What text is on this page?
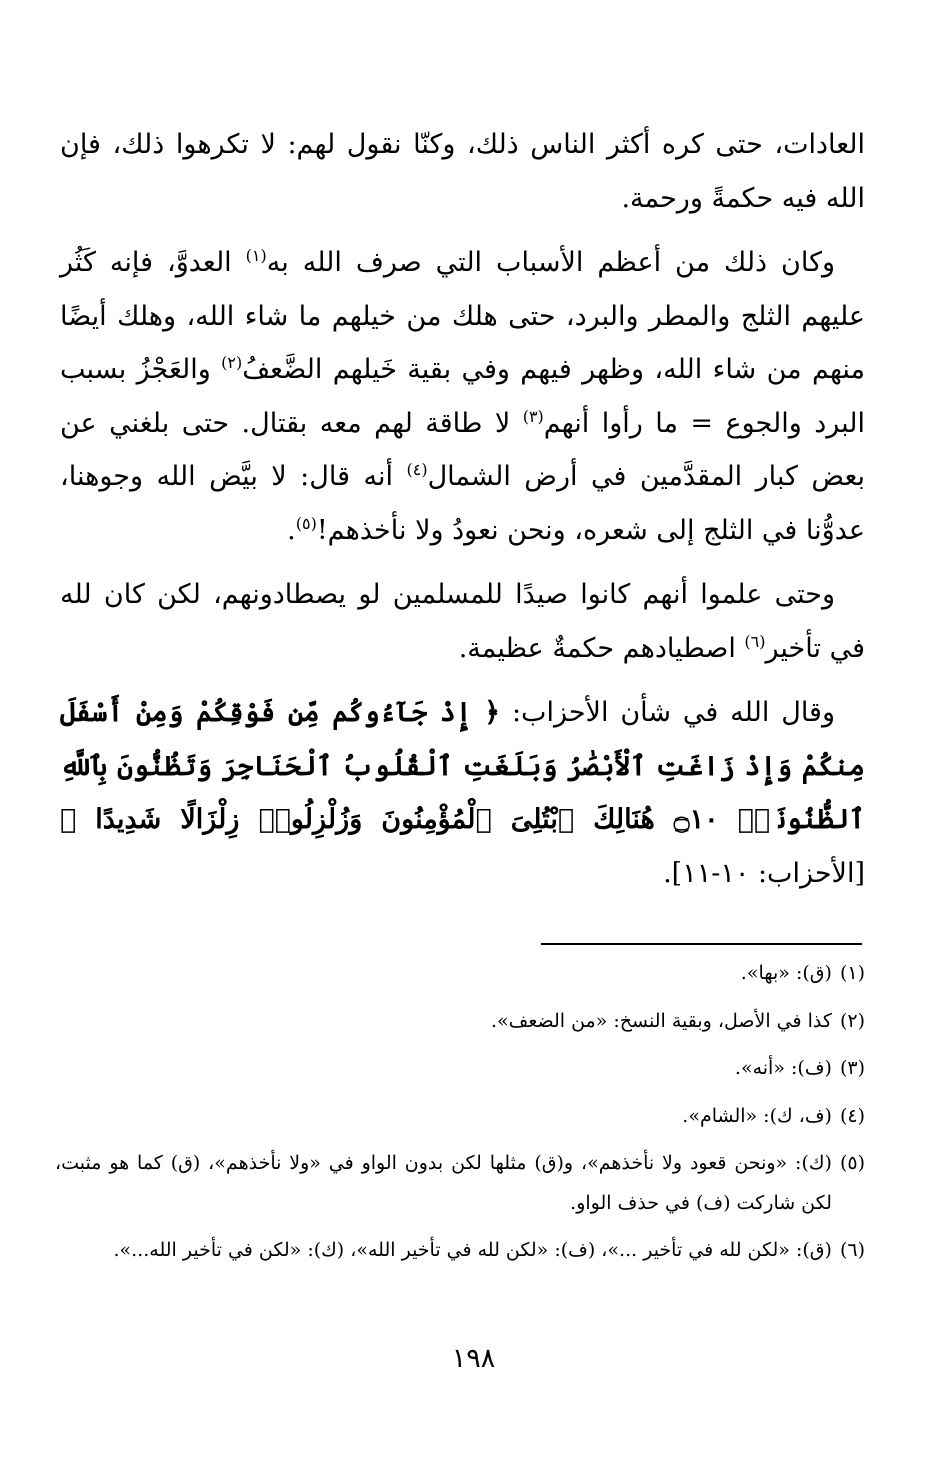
العادات، حتى كره أكثر الناس ذلك، وكنّا نقول لهم: لا تكرهوا ذلك، فإن الله فيه حكمةً ورحمة.

وكان ذلك من أعظم الأسباب التي صرف الله به$^{(١)}$ العدوَّ، فإنه كَثُر عليهم الثلج والمطر والبرد، حتى هلك من خيلهم ما شاء الله، وهلك أيضًا منهم من شاء الله، وظهر فيهم وفي بقية خَيلهم الضَّعفُ$^{(٢)}$ والعَجْزُ بسبب البرد والجوع = ما رأوا أنهم$^{(٣)}$ لا طاقة لهم معه بقتال. حتى بلغني عن بعض كبار المقدَّمين في أرض الشمال$^{(٤)}$ أنه قال: لا بيَّض الله وجوهنا، عدوُّنا في الثلج إلى شعره، ونحن نعودُ ولا نأخذهم!$^{(٥)}$.

وحتى علموا أنهم كانوا صيدًا للمسلمين لو يصطادونهم، لكن كان لله في تأخير$^{(٦)}$ اصطيادهم حكمةٌ عظيمة.

وقال الله في شأن الأحزاب: ﴿ إِذْ جَآءُوكُم مِّن فَوْقِكُمْ وَمِنْ أَسْفَلَ مِنكُمْ وَإِذْ زَاغَتِ ٱلْأَبْصَٰرُ وَبَلَغَتِ ٱلْقُلُوبُ ٱلْحَنَاجِرَ وَتَظُنُّونَ بِٱللَّهِ ٱلظُّنُونَا۠ ۝١٠ هُنَالِكَ ٱبْتُلِىَ ٱلْمُؤْمِنُونَ وَزُلْزِلُوا۟ زِلْزَالًا شَدِيدًا ﴾ [الأحزاب: ١٠-١١].

(١)
(ق): «بها».
(٢)
كذا في الأصل، وبقية النسخ: «من الضعف».
(٣)
(ف): «أنه».
(٤)
(ف، ك): «الشام».
(٥)
(ك): «ونحن قعود ولا نأخذهم»، و(ق) مثلها لكن بدون الواو في «ولا نأخذهم»، (ق) كما هو مثبت، لكن شاركت (ف) في حذف الواو.
(٦)
(ق): «لكن لله في تأخير ...»، (ف): «لكن لله في تأخير الله»، (ك): «لكن في تأخير الله...».
١٩٨
